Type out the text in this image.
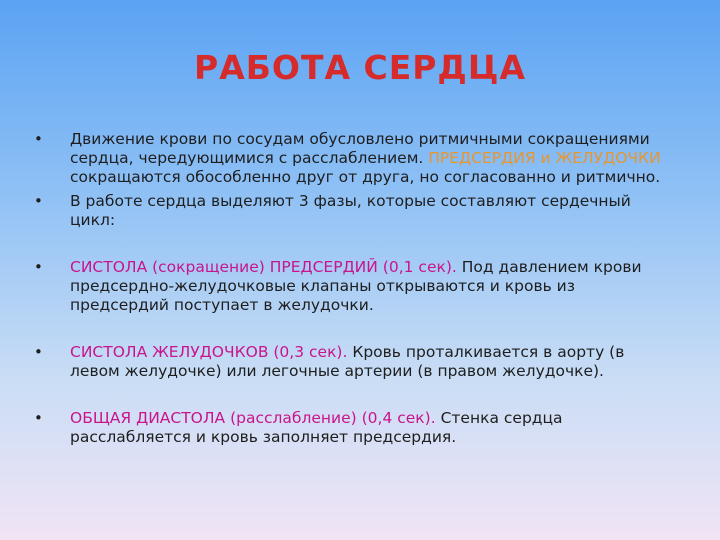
РАБОТА СЕРДЦА
• Движение крови по сосудам обусловлено ритмичными сокращениями сердца, чередующимися с расслаблением. ПРЕДСЕРДИЯ и ЖЕЛУДОЧКИ сокращаются обособленно друг от друга, но согласованно и ритмично.
• В работе сердца выделяют 3 фазы, которые составляют сердечный цикл:
• СИСТОЛА (сокращение) ПРЕДСЕРДИЙ (0,1 сек). Под давлением крови предсердно-желудочковые клапаны открываются и кровь из предсердий поступает в желудочки.
• СИСТОЛА ЖЕЛУДОЧКОВ (0,3 сек). Кровь проталкивается в аорту (в левом желудочке) или легочные артерии (в правом желудочке).
• ОБЩАЯ ДИАСТОЛА (расслабление) (0,4 сек). Стенка сердца расслабляется и кровь заполняет предсердия.
